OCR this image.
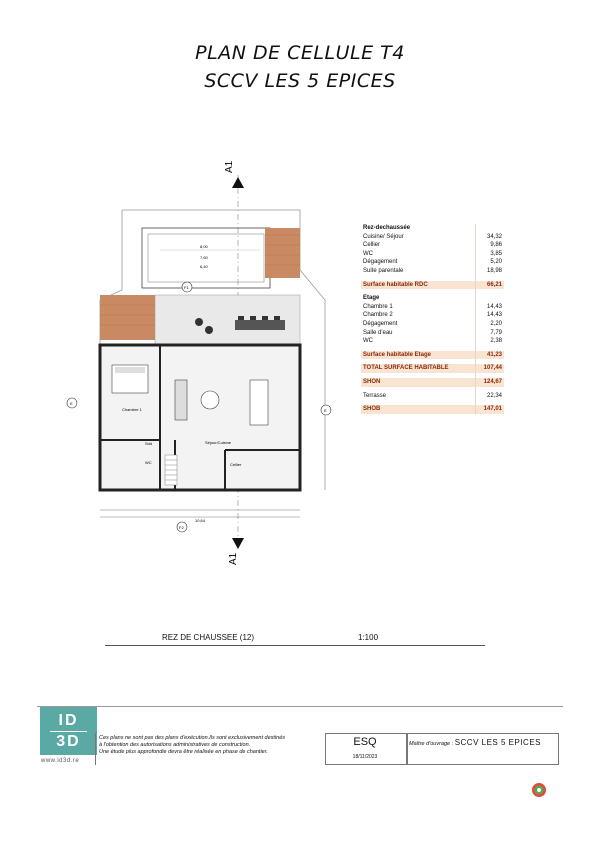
PLAN DE CELLULE T4
SCCV LES 5 EPICES
A1
A1
8,00
7,60
6,40
F1
Chambre 1
Séjour/Cuisine
Cellier
Sdd
WC
E
E
10,64
F2
Rez-dechaussée	
Cuisine/ Séjour	34,32
Cellier	9,86
WC	3,85
Dégagement	5,20
Suite parentale	18,98

Surface habitable RDC	66,21

Etage	
Chambre 1	14,43
Chambre 2	14,43
Dégagement	2,20
Salle d'eau	7,79
WC	2,38

Surface habitable Etage	41,23

TOTAL SURFACE HABITABLE	107,44

SHON	124,67

Terrasse	22,34

SHOB	147,01
REZ DE CHAUSSEE (12)	1:100
ID
3D
www.id3d.re
Ces plans ne sont pas des plans d'exécution.Ils sont exclusivement destinés
à l'obtention des autorisations administratives de construction.
Une étude plus approfondie devra être réalisée en phase de chantier.
ESQ
18/11/2023
Maître d'ouvrage : SCCV LES 5 EPICES
